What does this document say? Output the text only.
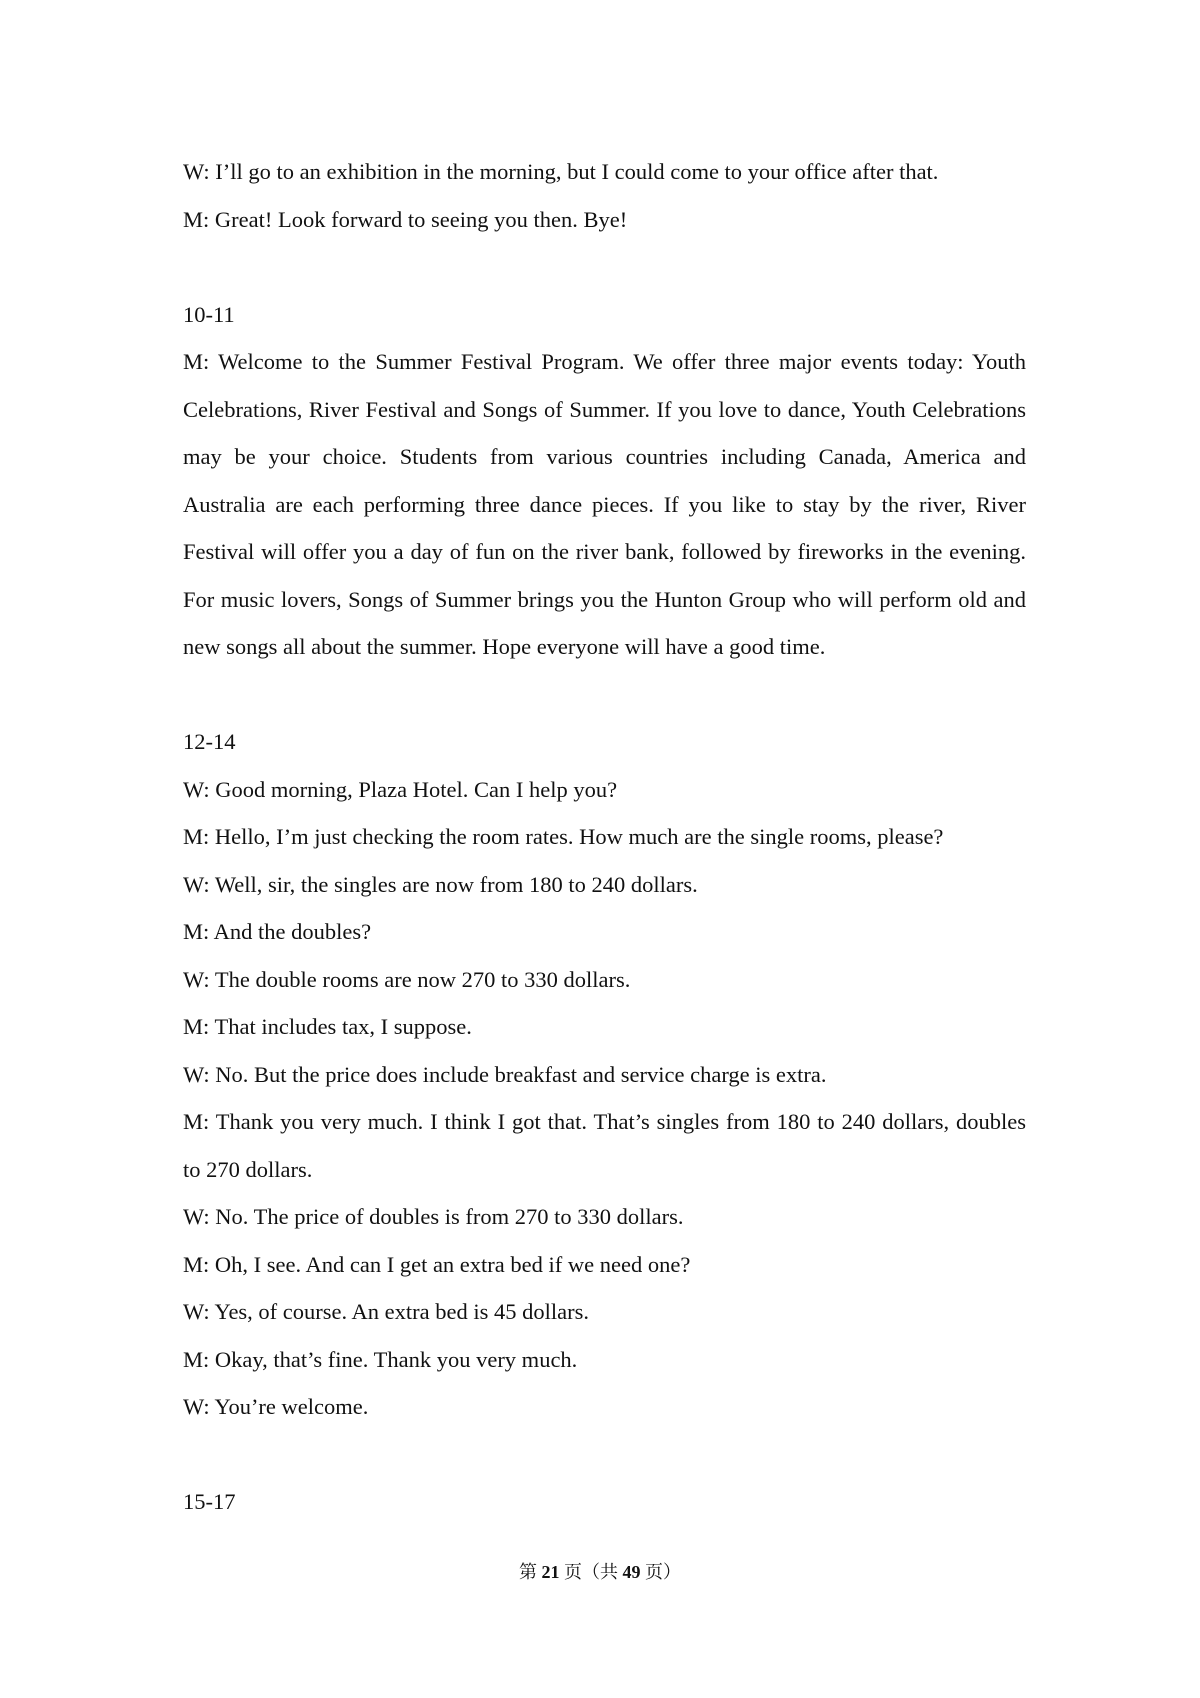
W: I’ll go to an exhibition in the morning, but I could come to your office after that.
M: Great! Look forward to seeing you then. Bye!
10-11
M: Welcome to the Summer Festival Program. We offer three major events today: Youth Celebrations, River Festival and Songs of Summer. If you love to dance, Youth Celebrations may be your choice. Students from various countries including Canada, America and Australia are each performing three dance pieces. If you like to stay by the river, River Festival will offer you a day of fun on the river bank, followed by fireworks in the evening. For music lovers, Songs of Summer brings you the Hunton Group who will perform old and new songs all about the summer. Hope everyone will have a good time.
12-14
W: Good morning, Plaza Hotel. Can I help you?
M: Hello, I’m just checking the room rates. How much are the single rooms, please?
W: Well, sir, the singles are now from 180 to 240 dollars.
M: And the doubles?
W: The double rooms are now 270 to 330 dollars.
M: That includes tax, I suppose.
W: No. But the price does include breakfast and service charge is extra.
M: Thank you very much. I think I got that. That’s singles from 180 to 240 dollars, doubles to 270 dollars.
W: No. The price of doubles is from 270 to 330 dollars.
M: Oh, I see. And can I get an extra bed if we need one?
W: Yes, of course. An extra bed is 45 dollars.
M: Okay, that’s fine. Thank you very much.
W: You’re welcome.
15-17
第 21 页（共 49 页）
